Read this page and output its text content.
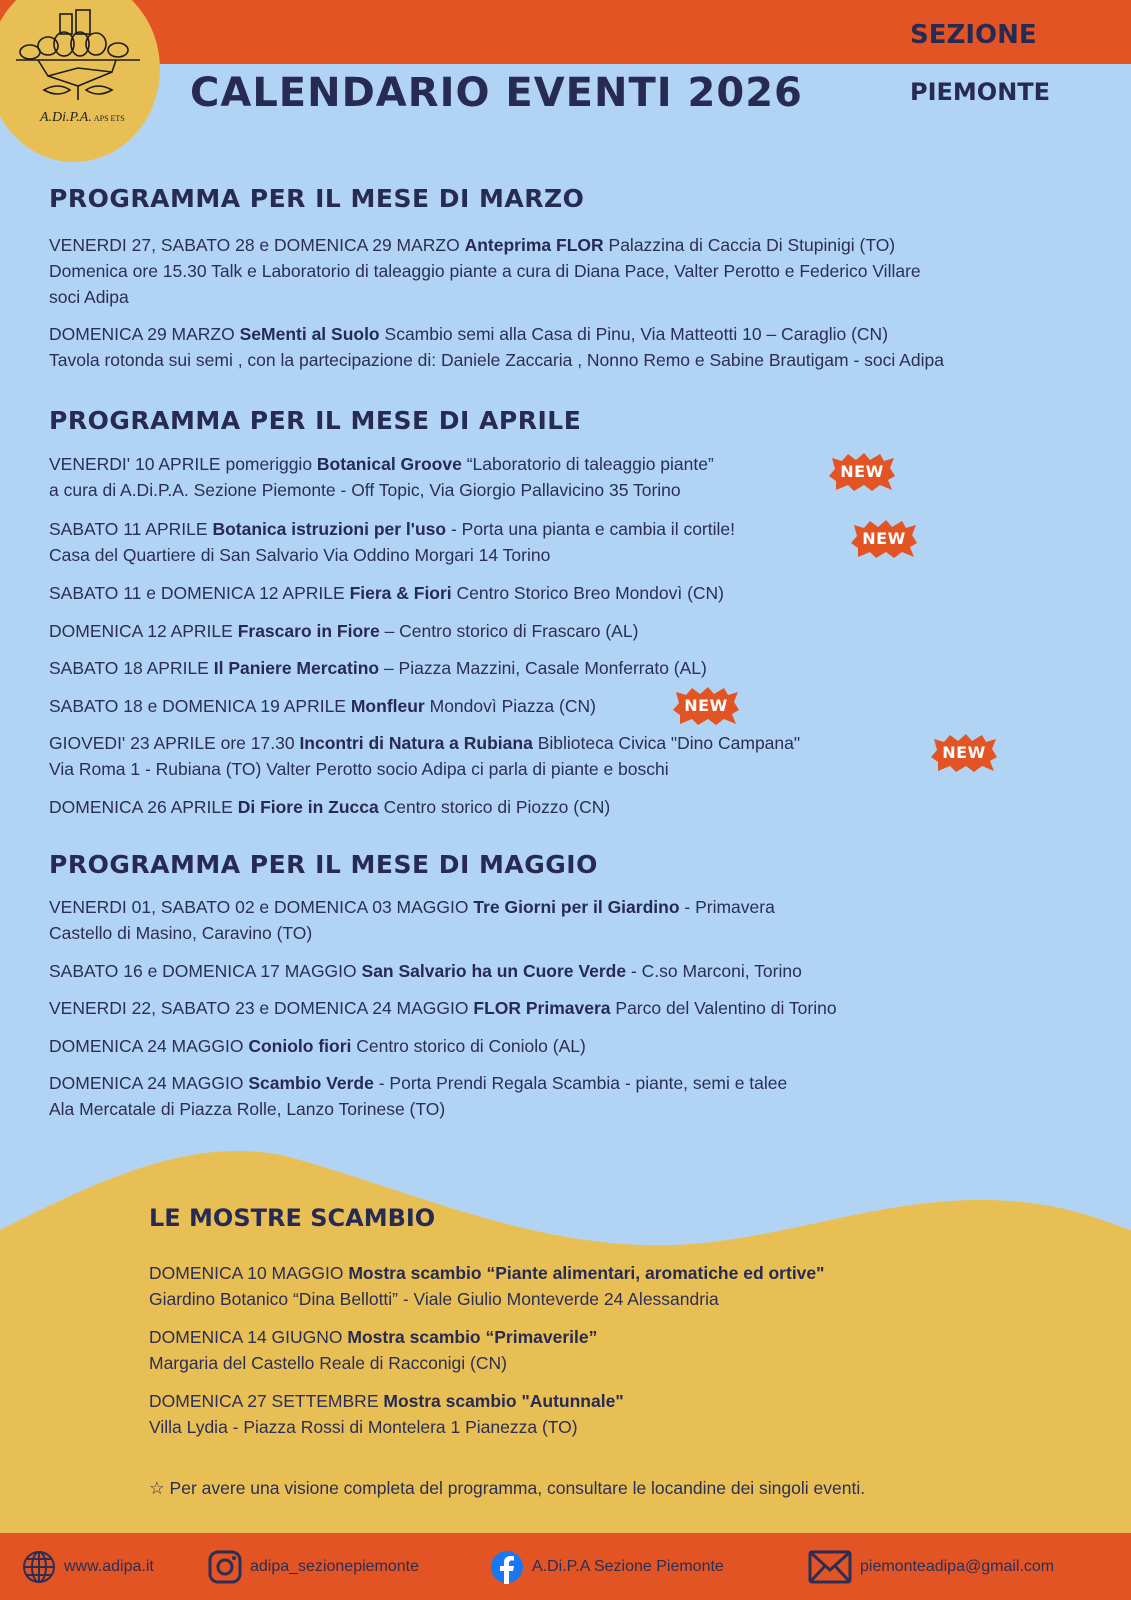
A.Di.P.A. APS ETS
CALENDARIO EVENTI 2026
SEZIONE
PIEMONTE
PROGRAMMA PER IL MESE DI MARZO
VENERDI 27, SABATO 28 e DOMENICA 29 MARZO Anteprima FLOR Palazzina di Caccia Di Stupinigi (TO)
Domenica ore 15.30 Talk e Laboratorio di taleaggio piante a cura di Diana Pace, Valter Perotto e Federico Villare
soci Adipa
DOMENICA 29 MARZO SeMenti al Suolo Scambio semi alla Casa di Pinu, Via Matteotti 10 – Caraglio (CN)
Tavola rotonda sui semi , con la partecipazione di: Daniele Zaccaria , Nonno Remo e Sabine Brautigam - soci Adipa
PROGRAMMA PER IL MESE DI APRILE
VENERDI' 10 APRILE pomeriggio Botanical Groove “Laboratorio di taleaggio piante”
a cura di A.Di.P.A. Sezione Piemonte - Off Topic, Via Giorgio Pallavicino 35 Torino
NEW
SABATO 11 APRILE Botanica istruzioni per l'uso - Porta una pianta e cambia il cortile!
Casa del Quartiere di San Salvario Via Oddino Morgari 14 Torino
NEW
SABATO 11 e DOMENICA 12 APRILE Fiera & Fiori Centro Storico Breo Mondovì (CN)
DOMENICA 12 APRILE Frascaro in Fiore – Centro storico di Frascaro (AL)
SABATO 18 APRILE Il Paniere Mercatino – Piazza Mazzini, Casale Monferrato (AL)
SABATO 18 e DOMENICA 19 APRILE Monfleur Mondovì Piazza (CN)	NEW
GIOVEDI' 23 APRILE ore 17.30 Incontri di Natura a Rubiana Biblioteca Civica "Dino Campana"
Via Roma 1 - Rubiana (TO) Valter Perotto socio Adipa ci parla di piante e boschi
NEW
DOMENICA 26 APRILE Di Fiore in Zucca Centro storico di Piozzo (CN)
PROGRAMMA PER IL MESE DI MAGGIO
VENERDI 01, SABATO 02 e DOMENICA 03 MAGGIO Tre Giorni per il Giardino - Primavera
Castello di Masino, Caravino (TO)
SABATO 16 e DOMENICA 17 MAGGIO San Salvario ha un Cuore Verde - C.so Marconi, Torino
VENERDI 22, SABATO 23 e DOMENICA 24 MAGGIO FLOR Primavera Parco del Valentino di Torino
DOMENICA 24 MAGGIO Coniolo fiori Centro storico di Coniolo (AL)
DOMENICA 24 MAGGIO Scambio Verde - Porta Prendi Regala Scambia - piante, semi e talee
Ala Mercatale di Piazza Rolle, Lanzo Torinese (TO)
LE MOSTRE SCAMBIO
DOMENICA 10 MAGGIO Mostra scambio “Piante alimentari, aromatiche ed ortive"
Giardino Botanico “Dina Bellotti” - Viale Giulio Monteverde 24 Alessandria
DOMENICA 14 GIUGNO Mostra scambio “Primaverile”
Margaria del Castello Reale di Racconigi (CN)
DOMENICA 27 SETTEMBRE Mostra scambio "Autunnale"
Villa Lydia - Piazza Rossi di Montelera 1 Pianezza (TO)
☆ Per avere una visione completa del programma, consultare le locandine dei singoli eventi.
www.adipa.it	adipa_sezionepiemonte	A.Di.P.A Sezione Piemonte	piemonteadipa@gmail.com
